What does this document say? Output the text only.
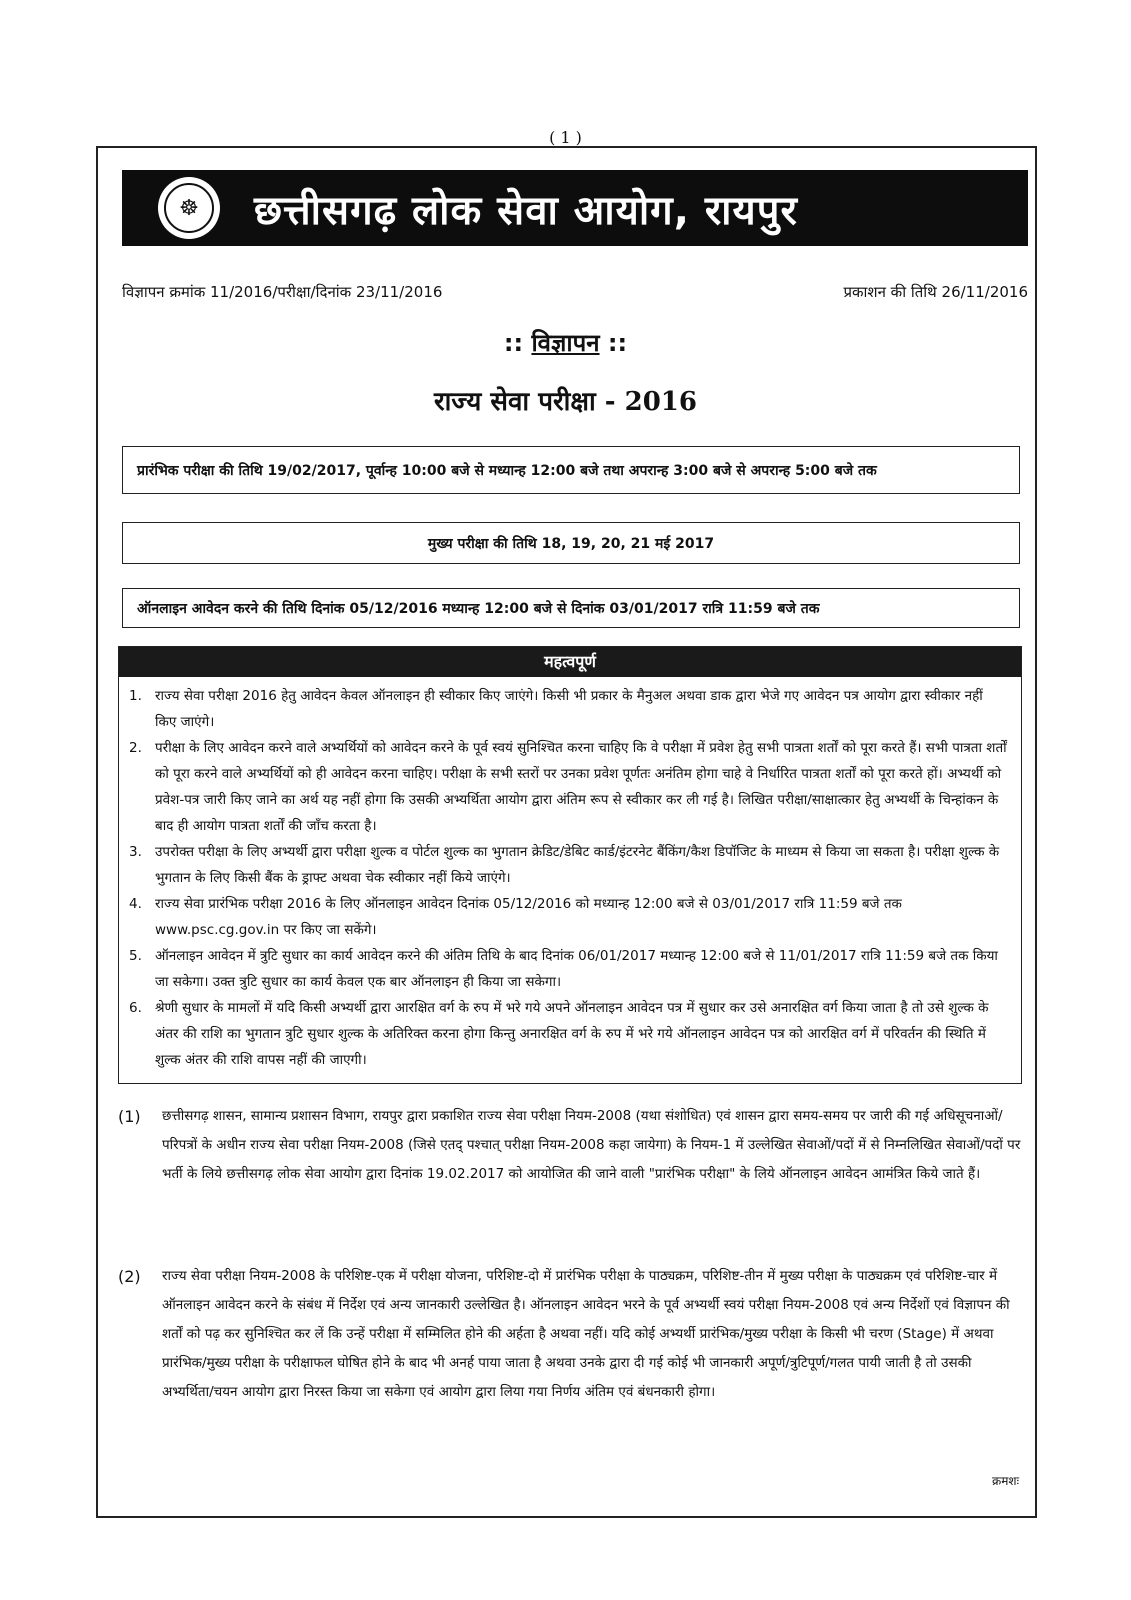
( 1 )
☸	छत्तीसगढ़ लोक सेवा आयोग, रायपुर
विज्ञापन क्रमांक 11/2016/परीक्षा/दिनांक 23/11/2016	प्रकाशन की तिथि 26/11/2016
:: विज्ञापन ::
राज्य सेवा परीक्षा - 2016
प्रारंभिक परीक्षा की तिथि 19/02/2017, पूर्वान्ह 10:00 बजे से मध्यान्ह 12:00 बजे तथा अपरान्ह 3:00 बजे से अपरान्ह 5:00 बजे तक
मुख्य परीक्षा की तिथि 18, 19, 20, 21 मई 2017
ऑनलाइन आवेदन करने की तिथि दिनांक 05/12/2016 मध्यान्ह 12:00 बजे से दिनांक 03/01/2017 रात्रि 11:59 बजे तक
महत्वपूर्ण
1. राज्य सेवा परीक्षा 2016 हेतु आवेदन केवल ऑनलाइन ही स्वीकार किए जाएंगे। किसी भी प्रकार के मैनुअल अथवा डाक द्वारा भेजे गए आवेदन पत्र आयोग द्वारा स्वीकार नहीं किए जाएंगे।
2. परीक्षा के लिए आवेदन करने वाले अभ्यर्थियों को आवेदन करने के पूर्व स्वयं सुनिश्चित करना चाहिए कि वे परीक्षा में प्रवेश हेतु सभी पात्रता शर्तों को पूरा करते हैं। सभी पात्रता शर्तों को पूरा करने वाले अभ्यर्थियों को ही आवेदन करना चाहिए। परीक्षा के सभी स्तरों पर उनका प्रवेश पूर्णतः अनंतिम होगा चाहे वे निर्धारित पात्रता शर्तों को पूरा करते हों। अभ्यर्थी को प्रवेश-पत्र जारी किए जाने का अर्थ यह नहीं होगा कि उसकी अभ्यर्थिता आयोग द्वारा अंतिम रूप से स्वीकार कर ली गई है। लिखित परीक्षा/साक्षात्कार हेतु अभ्यर्थी के चिन्हांकन के बाद ही आयोग पात्रता शर्तों की जाँच करता है।
3. उपरोक्त परीक्षा के लिए अभ्यर्थी द्वारा परीक्षा शुल्क व पोर्टल शुल्क का भुगतान क्रेडिट/डेबिट कार्ड/इंटरनेट बैंकिंग/कैश डिपॉजिट के माध्यम से किया जा सकता है। परीक्षा शुल्क के भुगतान के लिए किसी बैंक के ड्राफ्ट अथवा चेक स्वीकार नहीं किये जाएंगे।
4. राज्य सेवा प्रारंभिक परीक्षा 2016 के लिए ऑनलाइन आवेदन दिनांक 05/12/2016 को मध्यान्ह 12:00 बजे से 03/01/2017 रात्रि 11:59 बजे तक www.psc.cg.gov.in पर किए जा सकेंगे।
5. ऑनलाइन आवेदन में त्रुटि सुधार का कार्य आवेदन करने की अंतिम तिथि के बाद दिनांक 06/01/2017 मध्यान्ह 12:00 बजे से 11/01/2017 रात्रि 11:59 बजे तक किया जा सकेगा। उक्त त्रुटि सुधार का कार्य केवल एक बार ऑनलाइन ही किया जा सकेगा।
6. श्रेणी सुधार के मामलों में यदि किसी अभ्यर्थी द्वारा आरक्षित वर्ग के रुप में भरे गये अपने ऑनलाइन आवेदन पत्र में सुधार कर उसे अनारक्षित वर्ग किया जाता है तो उसे शुल्क के अंतर की राशि का भुगतान त्रुटि सुधार शुल्क के अतिरिक्त करना होगा किन्तु अनारक्षित वर्ग के रुप में भरे गये ऑनलाइन आवेदन पत्र को आरक्षित वर्ग में परिवर्तन की स्थिति में शुल्क अंतर की राशि वापस नहीं की जाएगी।
(1)	छत्तीसगढ़ शासन, सामान्य प्रशासन विभाग, रायपुर द्वारा प्रकाशित राज्य सेवा परीक्षा नियम-2008 (यथा संशोधित) एवं शासन द्वारा समय-समय पर जारी की गई अधिसूचनाओं/परिपत्रों के अधीन राज्य सेवा परीक्षा नियम-2008 (जिसे एतद् पश्चात् परीक्षा नियम-2008 कहा जायेगा) के नियम-1 में उल्लेखित सेवाओं/पदों में से निम्नलिखित सेवाओं/पदों पर भर्ती के लिये छत्तीसगढ़ लोक सेवा आयोग द्वारा दिनांक 19.02.2017 को आयोजित की जाने वाली "प्रारंभिक परीक्षा" के लिये ऑनलाइन आवेदन आमंत्रित किये जाते हैं।
(2)	राज्य सेवा परीक्षा नियम-2008 के परिशिष्ट-एक में परीक्षा योजना, परिशिष्ट-दो में प्रारंभिक परीक्षा के पाठ्यक्रम, परिशिष्ट-तीन में मुख्य परीक्षा के पाठ्यक्रम एवं परिशिष्ट-चार में ऑनलाइन आवेदन करने के संबंध में निर्देश एवं अन्य जानकारी उल्लेखित है। ऑनलाइन आवेदन भरने के पूर्व अभ्यर्थी स्वयं परीक्षा नियम-2008 एवं अन्य निर्देशों एवं विज्ञापन की शर्तों को पढ़ कर सुनिश्चित कर लें कि उन्हें परीक्षा में सम्मिलित होने की अर्हता है अथवा नहीं। यदि कोई अभ्यर्थी प्रारंभिक/मुख्य परीक्षा के किसी भी चरण (Stage) में अथवा प्रारंभिक/मुख्य परीक्षा के परीक्षाफल घोषित होने के बाद भी अनर्ह पाया जाता है अथवा उनके द्वारा दी गई कोई भी जानकारी अपूर्ण/त्रुटिपूर्ण/गलत पायी जाती है तो उसकी अभ्यर्थिता/चयन आयोग द्वारा निरस्त किया जा सकेगा एवं आयोग द्वारा लिया गया निर्णय अंतिम एवं बंधनकारी होगा।
क्रमशः
